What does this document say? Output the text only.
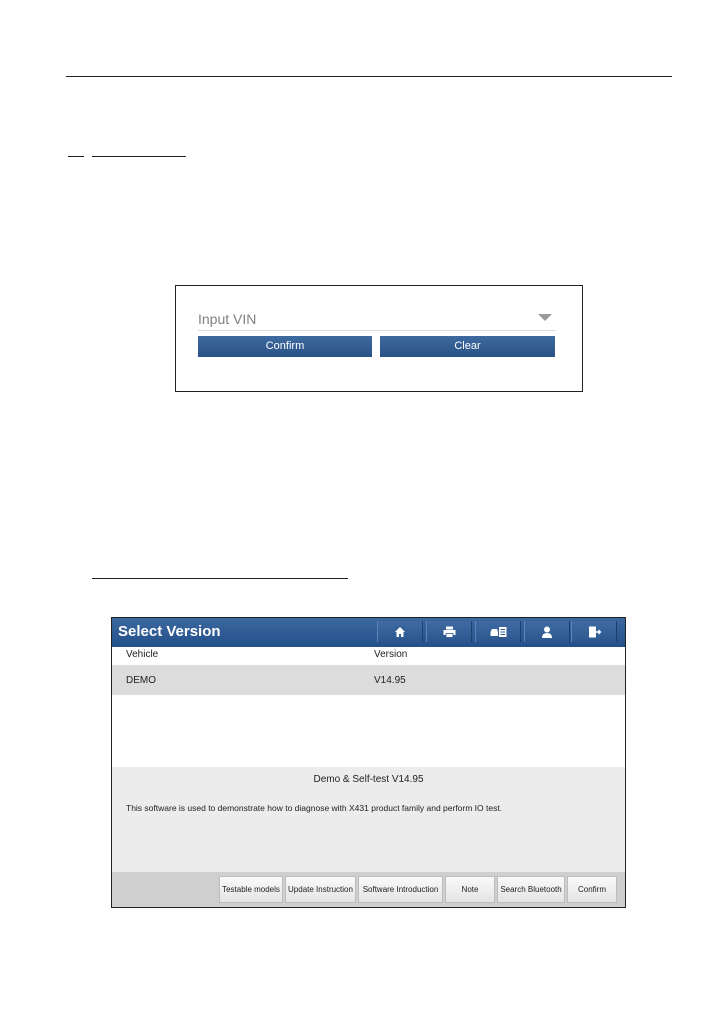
Input VIN
Confirm	Clear
Select Version
Vehicle	Version
DEMO	V14.95
Demo & Self-test V14.95
This software is used to demonstrate how to diagnose with X431 product family and perform IO test.
Testable models	Update Instruction	Software Introduction	Note	Search Bluetooth	Confirm
